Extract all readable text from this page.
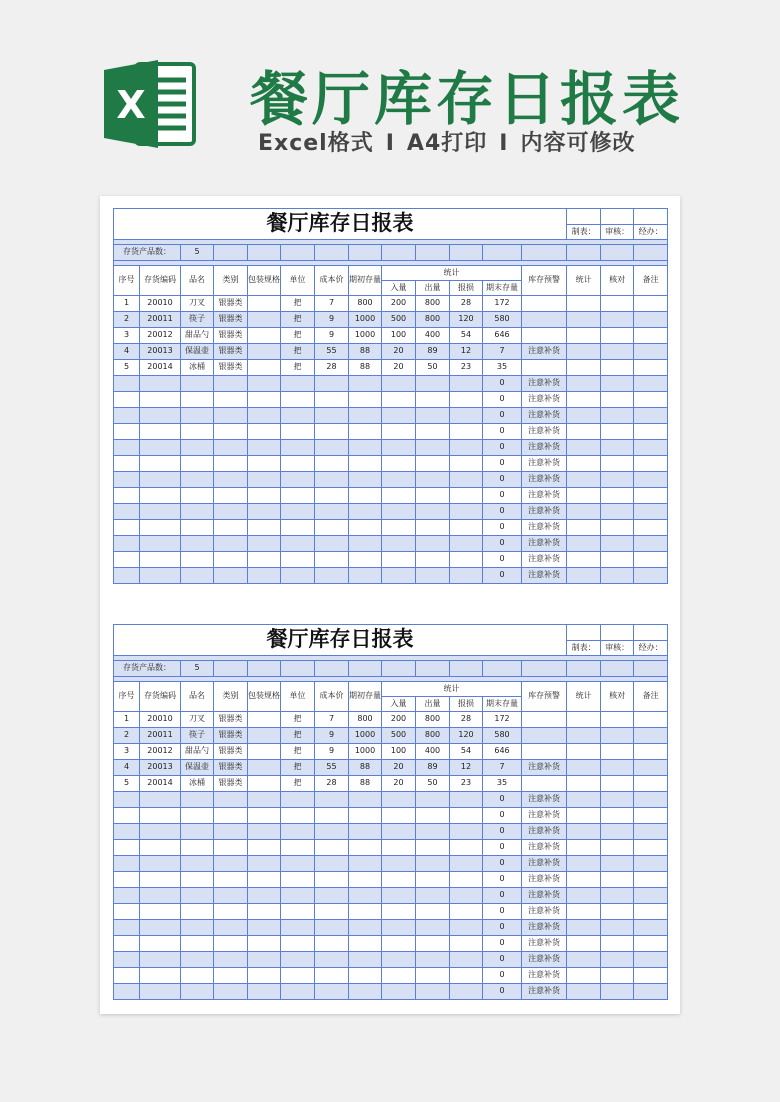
X 餐厅库存日报表
Excel格式 I A4打印 I 内容可修改
餐厅库存日报表															
													制表：	审核：	经办：

存货产品数：		5													

序号	存货编码	品名	类别	包装规格	单位	成本价	期初存量	统计				库存预警	统计	核对	备注
								入量	出量	报损	期末存量				
1	20010	刀叉	银器类		把	7	800	200	800	28	172				
2	20011	筷子	银器类		把	9	1000	500	800	120	580				
3	20012	甜品勺	银器类		把	9	1000	100	400	54	646				
4	20013	保温壶	银器类		把	55	88	20	89	12	7	注意补货			
5	20014	冰桶	银器类		把	28	88	20	50	23	35				
											0	注意补货			
											0	注意补货			
											0	注意补货			
											0	注意补货			
											0	注意补货			
											0	注意补货			
											0	注意补货			
											0	注意补货			
											0	注意补货			
											0	注意补货			
											0	注意补货			
											0	注意补货			
											0	注意补货			
餐厅库存日报表															
													制表：	审核：	经办：

存货产品数：		5													

序号	存货编码	品名	类别	包装规格	单位	成本价	期初存量	统计				库存预警	统计	核对	备注
								入量	出量	报损	期末存量				
1	20010	刀叉	银器类		把	7	800	200	800	28	172				
2	20011	筷子	银器类		把	9	1000	500	800	120	580				
3	20012	甜品勺	银器类		把	9	1000	100	400	54	646				
4	20013	保温壶	银器类		把	55	88	20	89	12	7	注意补货			
5	20014	冰桶	银器类		把	28	88	20	50	23	35				
											0	注意补货			
											0	注意补货			
											0	注意补货			
											0	注意补货			
											0	注意补货			
											0	注意补货			
											0	注意补货			
											0	注意补货			
											0	注意补货			
											0	注意补货			
											0	注意补货			
											0	注意补货			
											0	注意补货			
